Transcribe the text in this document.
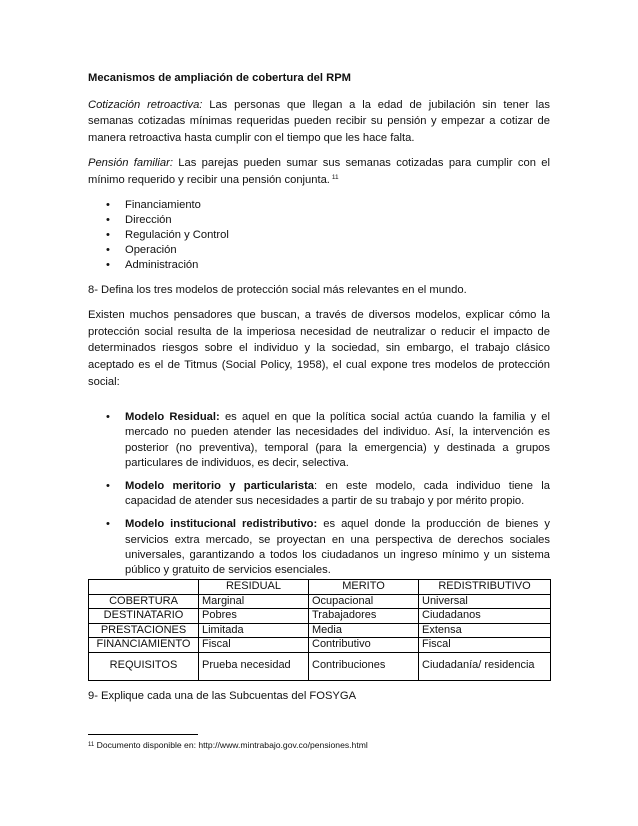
Mecanismos de ampliación de cobertura del RPM

Cotización retroactiva: Las personas que llegan a la edad de jubilación sin tener las semanas cotizadas mínimas requeridas pueden recibir su pensión y empezar a cotizar de manera retroactiva hasta cumplir con el tiempo que les hace falta.

Pensión familiar: Las parejas pueden sumar sus semanas cotizadas para cumplir con el mínimo requerido y recibir una pensión conjunta. $^{11}$

• Financiamiento
• Dirección
• Regulación y Control
• Operación
• Administración

8- Defina los tres modelos de protección social más relevantes en el mundo.

Existen muchos pensadores que buscan, a través de diversos modelos, explicar cómo la protección social resulta de la imperiosa necesidad de neutralizar o reducir el impacto de determinados riesgos sobre el individuo y la sociedad, sin embargo, el trabajo clásico aceptado es el de Titmus (Social Policy, 1958), el cual expone tres modelos de protección social:

• Modelo Residual: es aquel en que la política social actúa cuando la familia y el mercado no pueden atender las necesidades del individuo. Así, la intervención es posterior (no preventiva), temporal (para la emergencia) y destinada a grupos particulares de individuos, es decir, selectiva.
• Modelo meritorio y particularista: en este modelo, cada individuo tiene la capacidad de atender sus necesidades a partir de su trabajo y por mérito propio.
• Modelo institucional redistributivo: es aquel donde la producción de bienes y servicios extra mercado, se proyectan en una perspectiva de derechos sociales universales, garantizando a todos los ciudadanos un ingreso mínimo y un sistema público y gratuito de servicios esenciales.
	RESIDUAL	MERITO	REDISTRIBUTIVO
COBERTURA	Marginal	Ocupacional	Universal
DESTINATARIO	Pobres	Trabajadores	Ciudadanos
PRESTACIONES	Limitada	Media	Extensa
FINANCIAMIENTO	Fiscal	Contributivo	Fiscal
REQUISITOS	Prueba necesidad	Contribuciones	Ciudadanía/ residencia
9- Explique cada una de las Subcuentas del FOSYGA
$^{11}$ Documento disponible en: http://www.mintrabajo.gov.co/pensiones.html
